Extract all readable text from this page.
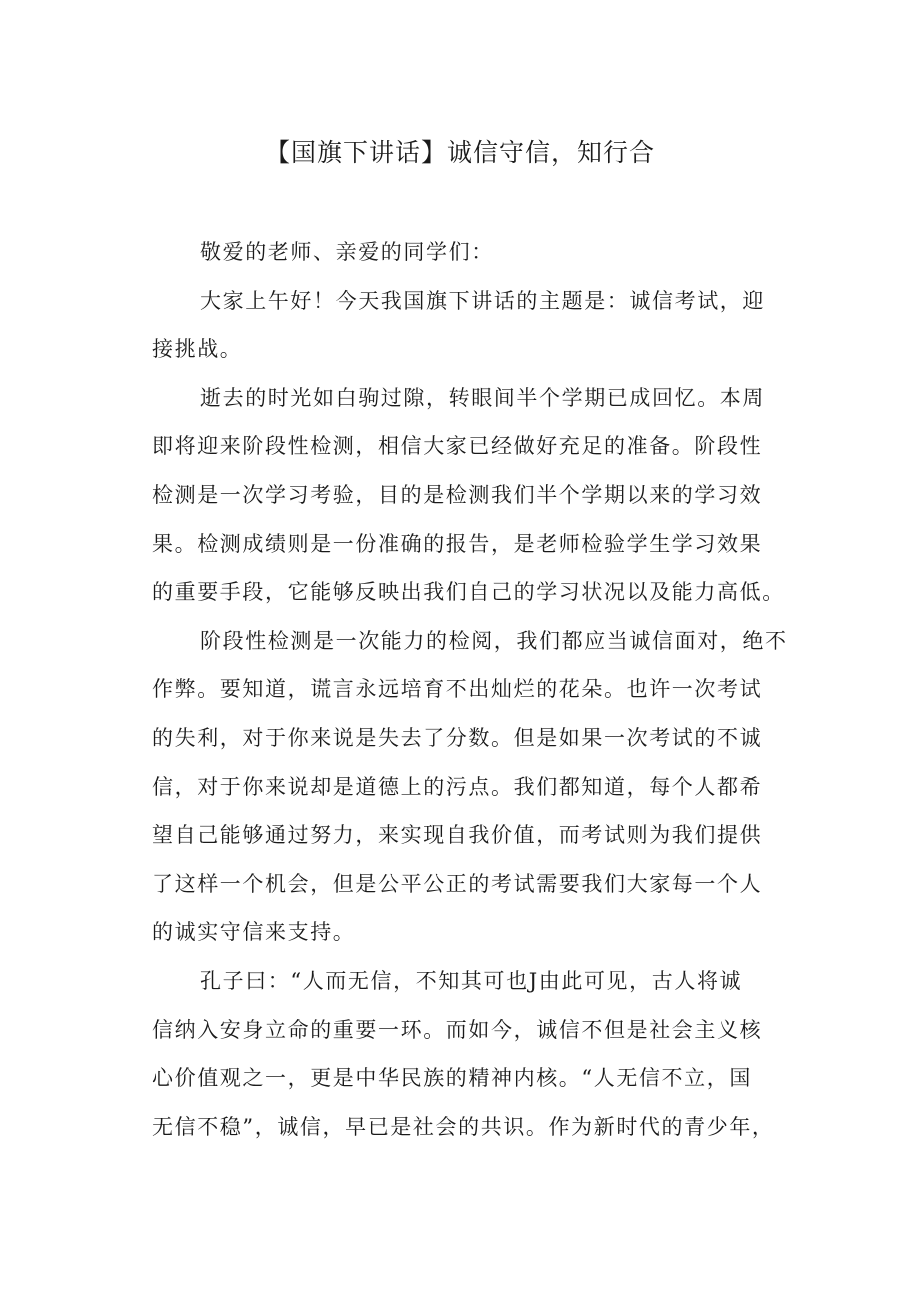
【国旗下讲话】诚信守信，知行合
敬爱的老师、亲爱的同学们：
大家上午好！今天我国旗下讲话的主题是：诚信考试，迎
接挑战。
逝去的时光如白驹过隙，转眼间半个学期已成回忆。本周
即将迎来阶段性检测，相信大家已经做好充足的准备。阶段性
检测是一次学习考验，目的是检测我们半个学期以来的学习效
果。检测成绩则是一份准确的报告，是老师检验学生学习效果
的重要手段，它能够反映出我们自己的学习状况以及能力高低。
阶段性检测是一次能力的检阅，我们都应当诚信面对，绝不
作弊。要知道，谎言永远培育不出灿烂的花朵。也许一次考试
的失利，对于你来说是失去了分数。但是如果一次考试的不诚
信，对于你来说却是道德上的污点。我们都知道，每个人都希
望自己能够通过努力，来实现自我价值，而考试则为我们提供
了这样一个机会，但是公平公正的考试需要我们大家每一个人
的诚实守信来支持。
孔子曰：“人而无信，不知其可也J由此可见，古人将诚
信纳入安身立命的重要一环。而如今，诚信不但是社会主义核
心价值观之一，更是中华民族的精神内核。“人无信不立，国
无信不稳”，诚信，早已是社会的共识。作为新时代的青少年，
